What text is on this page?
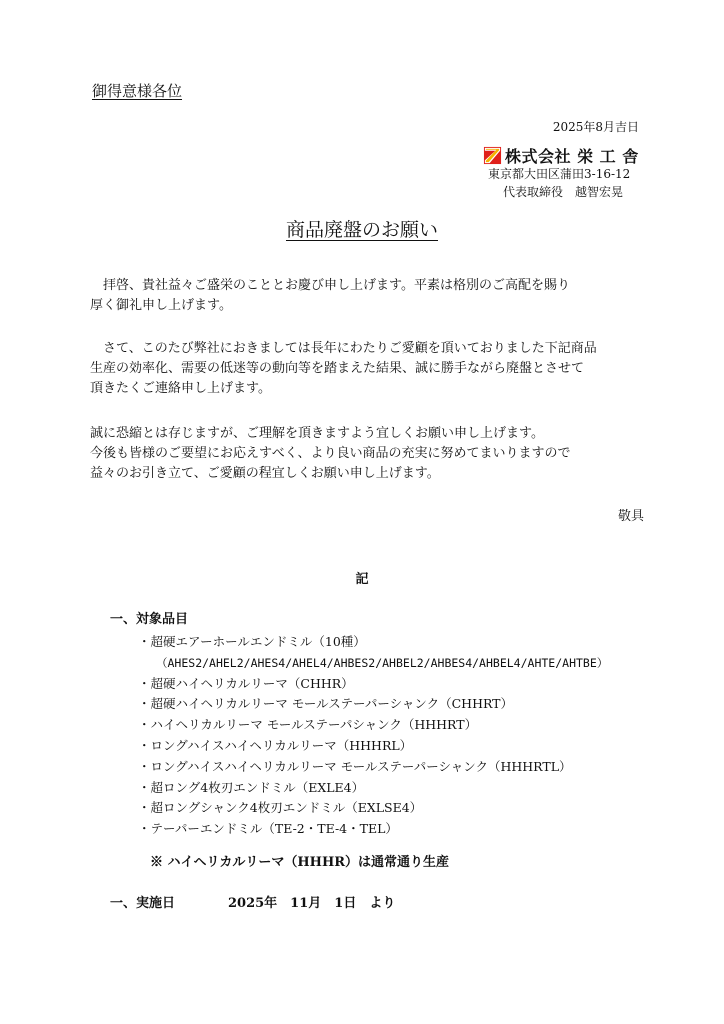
御得意様各位
2025年8月吉日
株式会社 栄 工 舎
東京都大田区蒲田3-16-12
代表取締役　越智宏晃
商品廃盤のお願い
　拝啓、貴社益々ご盛栄のこととお慶び申し上げます。平素は格別のご高配を賜り
厚く御礼申し上げます。
　さて、このたび弊社におきましては長年にわたりご愛顧を頂いておりました下記商品
生産の効率化、需要の低迷等の動向等を踏まえた結果、誠に勝手ながら廃盤とさせて
頂きたくご連絡申し上げます。
誠に恐縮とは存じますが、ご理解を頂きますよう宜しくお願い申し上げます。
今後も皆様のご要望にお応えすべく、より良い商品の充実に努めてまいりますので
益々のお引き立て、ご愛顧の程宜しくお願い申し上げます。
敬具
記
一、対象品目
・超硬エアーホールエンドミル（10種）
（AHES2/AHEL2/AHES4/AHEL4/AHBES2/AHBEL2/AHBES4/AHBEL4/AHTE/AHTBE）
・超硬ハイヘリカルリーマ（CHHR）
・超硬ハイヘリカルリーマ モールステーパーシャンク（CHHRT）
・ハイヘリカルリーマ モールステーパシャンク（HHHRT）
・ロングハイスハイヘリカルリーマ（HHHRL）
・ロングハイスハイヘリカルリーマ モールステーパーシャンク（HHHRTL）
・超ロング4枚刃エンドミル（EXLE4）
・超ロングシャンク4枚刃エンドミル（EXLSE4）
・テーパーエンドミル（TE-2・TE-4・TEL）
※ ハイヘリカルリーマ（HHHR）は通常通り生産
一、実施日	2025年　11月　1日　より
